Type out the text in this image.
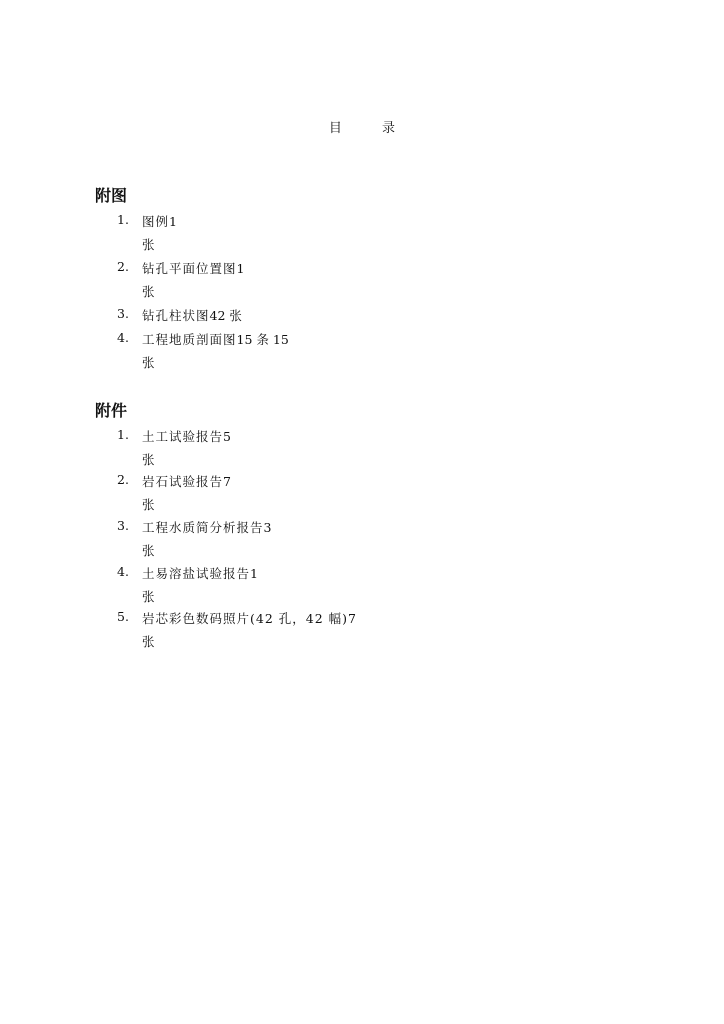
目 录
附图
1.	图例 1
张
2.	钻孔平面位置图 1
张
3.	钻孔柱状图 42 张
4.	工程地质剖面图 15 条 15
张
附件
1.	土工试验报告 5
张
2.	岩石试验报告 7
张
3.	工程水质简分析报告 3
张
4.	土易溶盐试验报告 1
张
5.	岩芯彩色数码照片(42 孔，42 幅) 7
张
